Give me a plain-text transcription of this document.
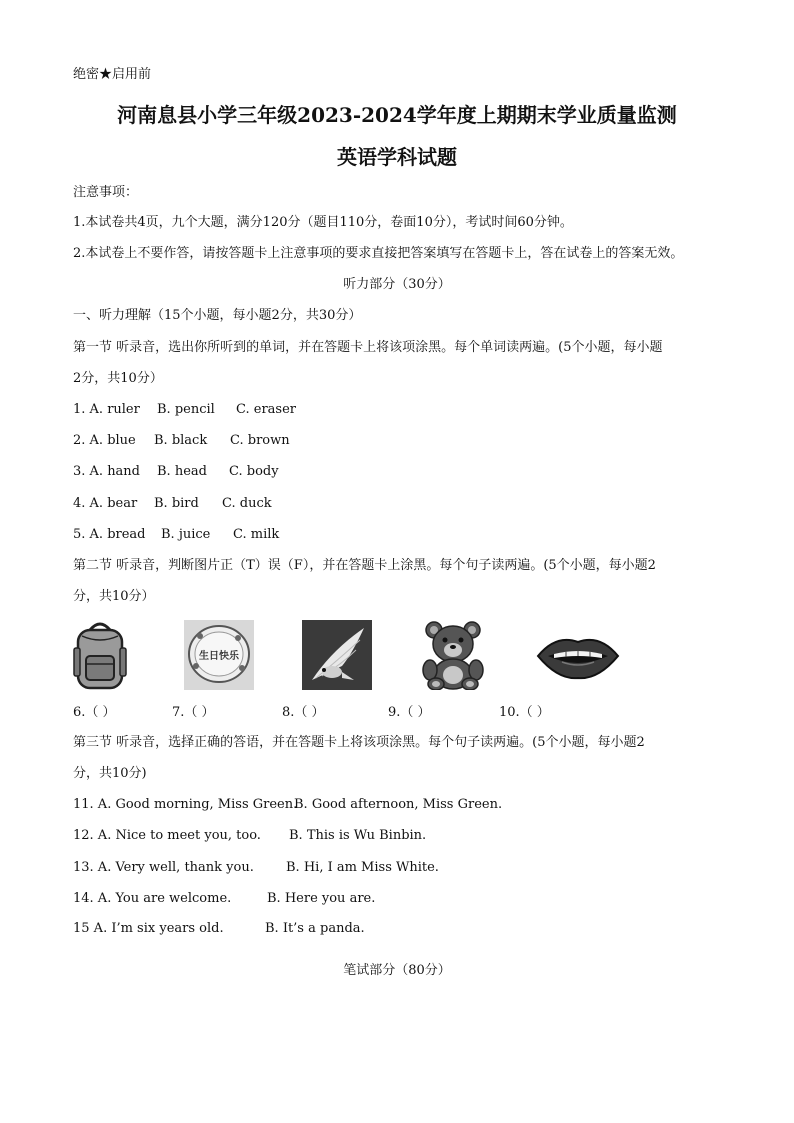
绝密★启用前
河南息县小学三年级2023-2024学年度上期期末学业质量监测
英语学科试题
注意事项：
1.本试卷共4页，九个大题，满分120分（题目110分，卷面10分），考试时间60分钟。
2.本试卷上不要作答，请按答题卡上注意事项的要求直接把答案填写在答题卡上，答在试卷上的答案无效。
听力部分（30分）
一、听力理解（15个小题，每小题2分，共30分）
第一节 听录音，选出你所听到的单词，并在答题卡上将该项涂黑。每个单词读两遍。(5个小题，每小题
2分，共10分）
1. A. ruler B. pencil C. eraser
2. A. blue B. black C. brown
3. A. hand B. head C. body
4. A. bear B. bird C. duck
5. A. bread B. juice C. milk
第二节 听录音，判断图片正（T）误（F），并在答题卡上涂黑。每个句子读两遍。(5个小题，每小题2
分，共10分）
生日快乐
6.（ ）	7.（ ）	8.（ ）	9.（ ）	10.（ ）
第三节 听录音，选择正确的答语，并在答题卡上将该项涂黑。每个句子读两遍。(5个小题，每小题2
分，共10分)
11. A. Good morning, Miss Green.B. Good afternoon, Miss Green.
12. A. Nice to meet you, too. B. This is Wu Binbin.
13. A. Very well, thank you. B. Hi, I am Miss White.
14. A. You are welcome.	B. Here you are.
15 A. I’m six years old.	B. It’s a panda.
笔试部分（80分）
